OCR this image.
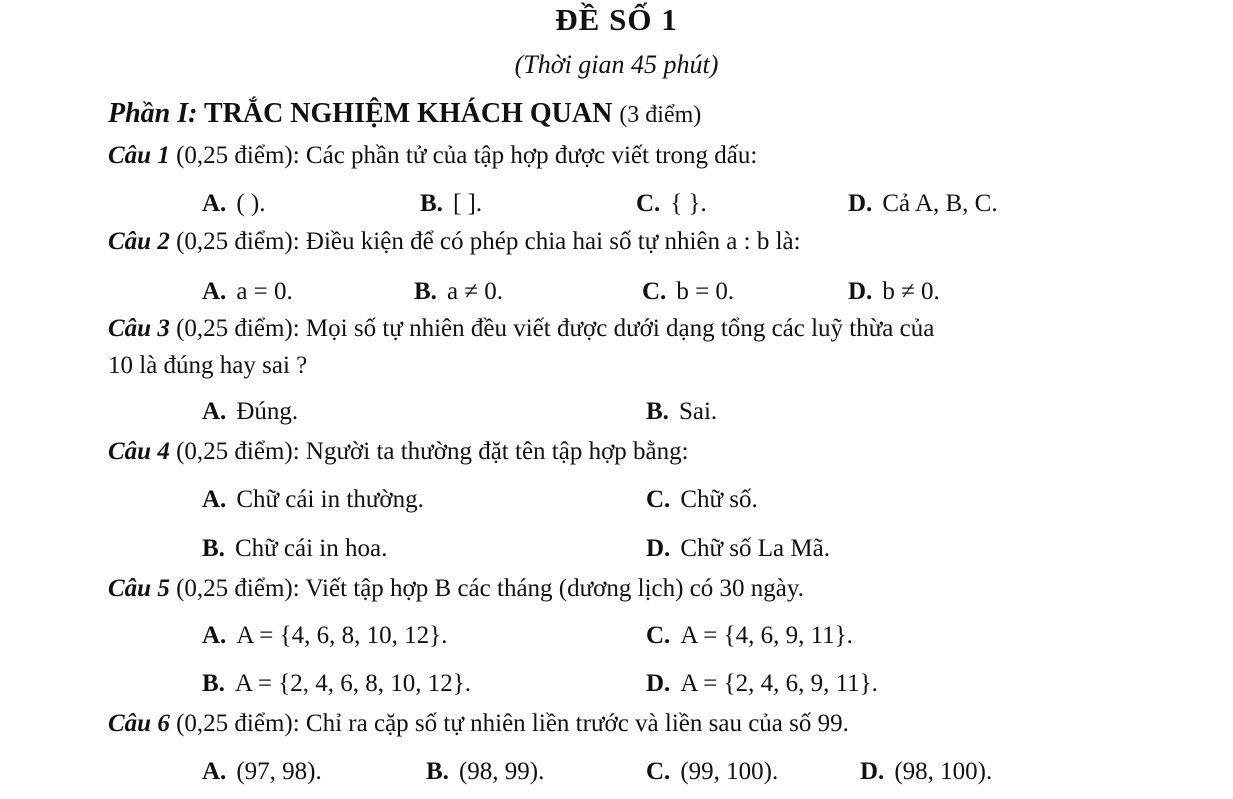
ĐỀ SỐ 1
(Thời gian 45 phút)
Phần I: TRẮC NGHIỆM KHÁCH QUAN (3 điểm)
Câu 1 (0,25 điểm): Các phần tử của tập hợp được viết trong dấu:
A. ( ).	B. [ ].	C. { }.	D. Cả A, B, C.
Câu 2 (0,25 điểm): Điều kiện để có phép chia hai số tự nhiên a : b là:
A. a = 0.	B. a ≠ 0.	C. b = 0.	D. b ≠ 0.
Câu 3 (0,25 điểm): Mọi số tự nhiên đều viết được dưới dạng tổng các luỹ thừa của
10 là đúng hay sai ?
A. Đúng.	B. Sai.
Câu 4 (0,25 điểm): Người ta thường đặt tên tập hợp bằng:
A. Chữ cái in thường.	C. Chữ số.
B. Chữ cái in hoa.	D. Chữ số La Mã.
Câu 5 (0,25 điểm): Viết tập hợp B các tháng (dương lịch) có 30 ngày.
A. A = {4, 6, 8, 10, 12}.	C. A = {4, 6, 9, 11}.
B. A = {2, 4, 6, 8, 10, 12}.	D. A = {2, 4, 6, 9, 11}.
Câu 6 (0,25 điểm): Chỉ ra cặp số tự nhiên liền trước và liền sau của số 99.
A. (97, 98).	B. (98, 99).	C. (99, 100).	D. (98, 100).
